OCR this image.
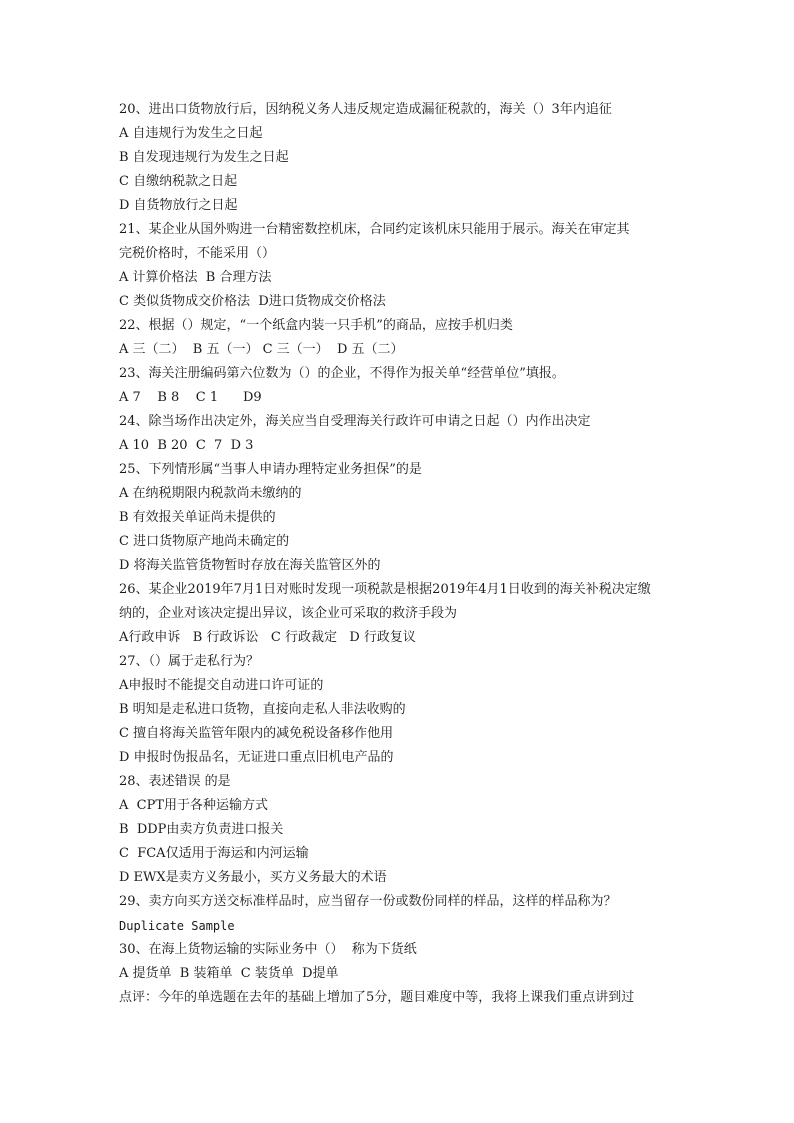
20、进出口货物放行后，因纳税义务人违反规定造成漏征税款的，海关（）3年内追征
A 自违规行为发生之日起
B 自发现违规行为发生之日起
C 自缴纳税款之日起
D 自货物放行之日起
21、某企业从国外购进一台精密数控机床，合同约定该机床只能用于展示。海关在审定其
完税价格时，不能采用（）
A 计算价格法  B 合理方法
C 类似货物成交价格法  D进口货物成交价格法
22、根据（）规定，“一个纸盒内装一只手机”的商品，应按手机归类
A 三（二）  B 五（一） C 三（一）  D 五（二）
23、海关注册编码第六位数为（）的企业，不得作为报关单“经营单位”填报。
A 7    B 8    C 1      D9
24、除当场作出决定外，海关应当自受理海关行政许可申请之日起（）内作出决定
A 10  B 20  C  7  D 3
25、下列情形属“当事人申请办理特定业务担保”的是
A 在纳税期限内税款尚未缴纳的
B 有效报关单证尚未提供的
C 进口货物原产地尚未确定的
D 将海关监管货物暂时存放在海关监管区外的
26、某企业2019年7月1日对账时发现一项税款是根据2019年4月1日收到的海关补税决定缴
纳的，企业对该决定提出异议，该企业可采取的救济手段为
A行政申诉   B 行政诉讼   C 行政裁定   D 行政复议
27、（）属于走私行为？
A申报时不能提交自动进口许可证的
B 明知是走私进口货物，直接向走私人非法收购的
C 擅自将海关监管年限内的减免税设备移作他用
D 申报时伪报品名，无证进口重点旧机电产品的
28、表述错误 的是
A  CPT用于各种运输方式
B  DDP由卖方负责进口报关
C  FCA仅适用于海运和内河运输
D EWX是卖方义务最小，买方义务最大的术语
29、卖方向买方送交标准样品时，应当留存一份或数份同样的样品，这样的样品称为？
Duplicate Sample
30、在海上货物运输的实际业务中（）  称为下货纸
A 提货单  B 装箱单  C 装货单  D提单
点评：今年的单选题在去年的基础上增加了5分，题目难度中等，我将上课我们重点讲到过
